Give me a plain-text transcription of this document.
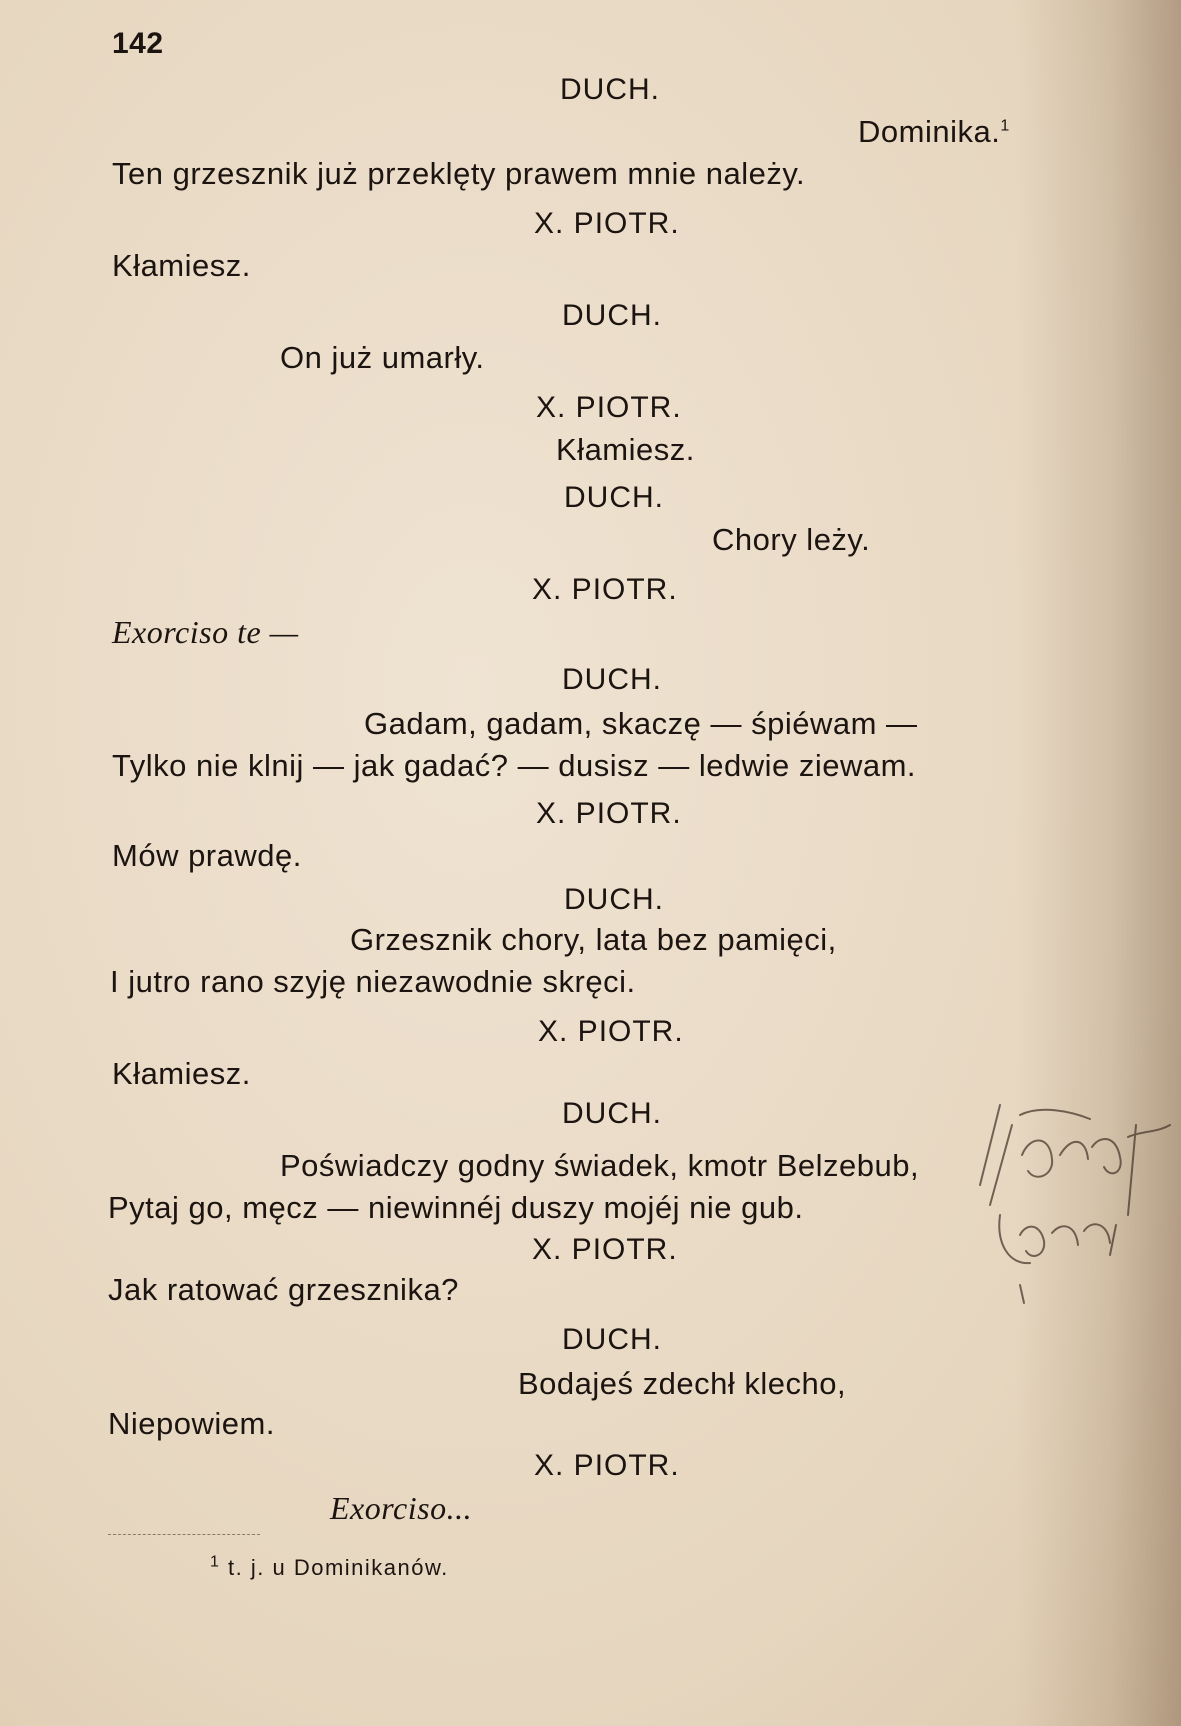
142
DUCH.
Dominika.$^1$
Ten grzesznik już przeklęty prawem mnie należy.
X. PIOTR.
Kłamiesz.
DUCH.
On już umarły.
X. PIOTR.
Kłamiesz.
DUCH.
Chory leży.
X. PIOTR.
Exorciso te —
DUCH.
Gadam, gadam, skaczę — śpiéwam —
Tylko nie klnij — jak gadać? — dusisz — ledwie ziewam.
X. PIOTR.
Mów prawdę.
DUCH.
Grzesznik chory, lata bez pamięci,
I jutro rano szyję niezawodnie skręci.
X. PIOTR.
Kłamiesz.
DUCH.
Poświadczy godny świadek, kmotr Belzebub,
Pytaj go, męcz — niewinnéj duszy mojéj nie gub.
X. PIOTR.
Jak ratować grzesznika?
DUCH.
Bodajeś zdechł klecho,
Niepowiem.
X. PIOTR.
Exorciso...
$^1$ t. j. u Dominikanów.
